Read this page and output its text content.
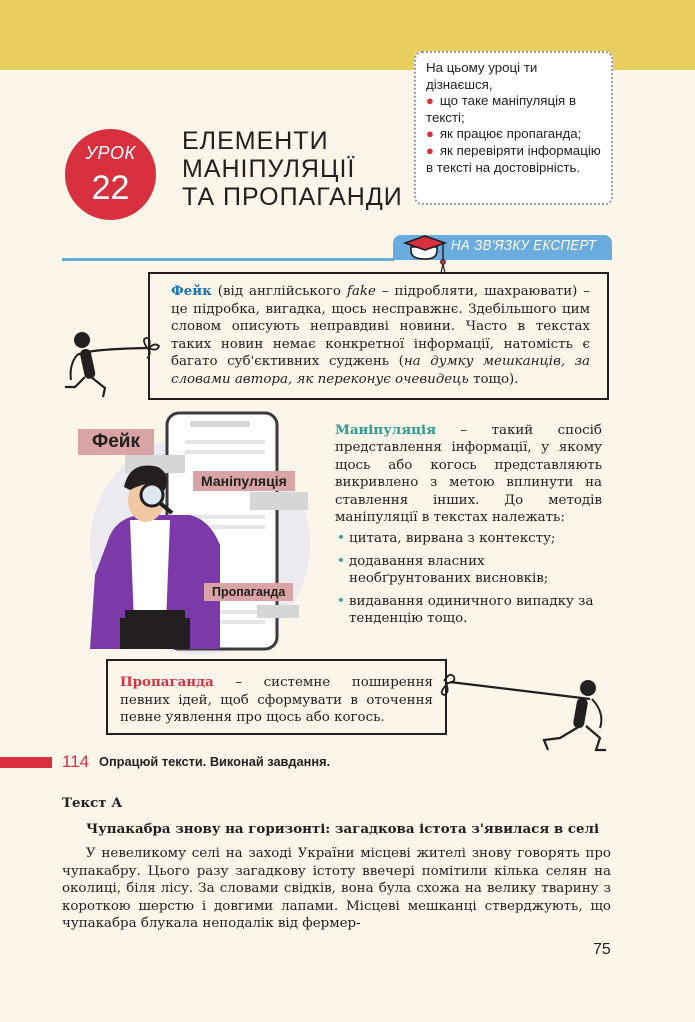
УРОК
22
ЕЛЕМЕНТИ
МАНІПУЛЯЦІЇ
ТА ПРОПАГАНДИ
На цьому уроці ти дізнаєшся,
● що таке маніпуляція в тексті;
● як працює пропаганда;
● як перевіряти інформацію в тексті на достовірність.
НА ЗВ'ЯЗКУ ЕКСПЕРТ
Фейк (від англійського fake – підробляти, шахраювати) – це підробка, вигадка, щось несправжнє. Здебільшого цим словом описують неправдиві новини. Часто в текстах таких новин немає конкретної інформації, натомість є багато суб'єктивних суджень (на думку мешканців, за словами автора, як переконує очевидець тощо).
Фейк
Маніпуляція
Пропаганда
Маніпуляція – такий спосіб представлення інформації, у якому щось або когось представляють викривлено з метою вплинути на ставлення інших. До методів маніпуляції в текстах належать:
• цитата, вирвана з контексту;
• додавання власних необґрунтованих висновків;
• видавання одиничного випадку за тенденцію тощо.
Пропаганда – системне поширення певних ідей, щоб сформувати в оточення певне уявлення про щось або когось.
114 Опрацюй тексти. Виконай завдання.
Текст А
Чупакабра знову на горизонті: загадкова істота з'явилася в селі
У невеликому селі на заході України місцеві жителі знову говорять про чупакабру. Цього разу загадкову істоту ввечері помітили кілька селян на околиці, біля лісу. За словами свідків, вона була схожа на велику тварину з короткою шерстю і довгими лапами. Місцеві мешканці стверджують, що чупакабра блукала неподалік від фермер-
75
